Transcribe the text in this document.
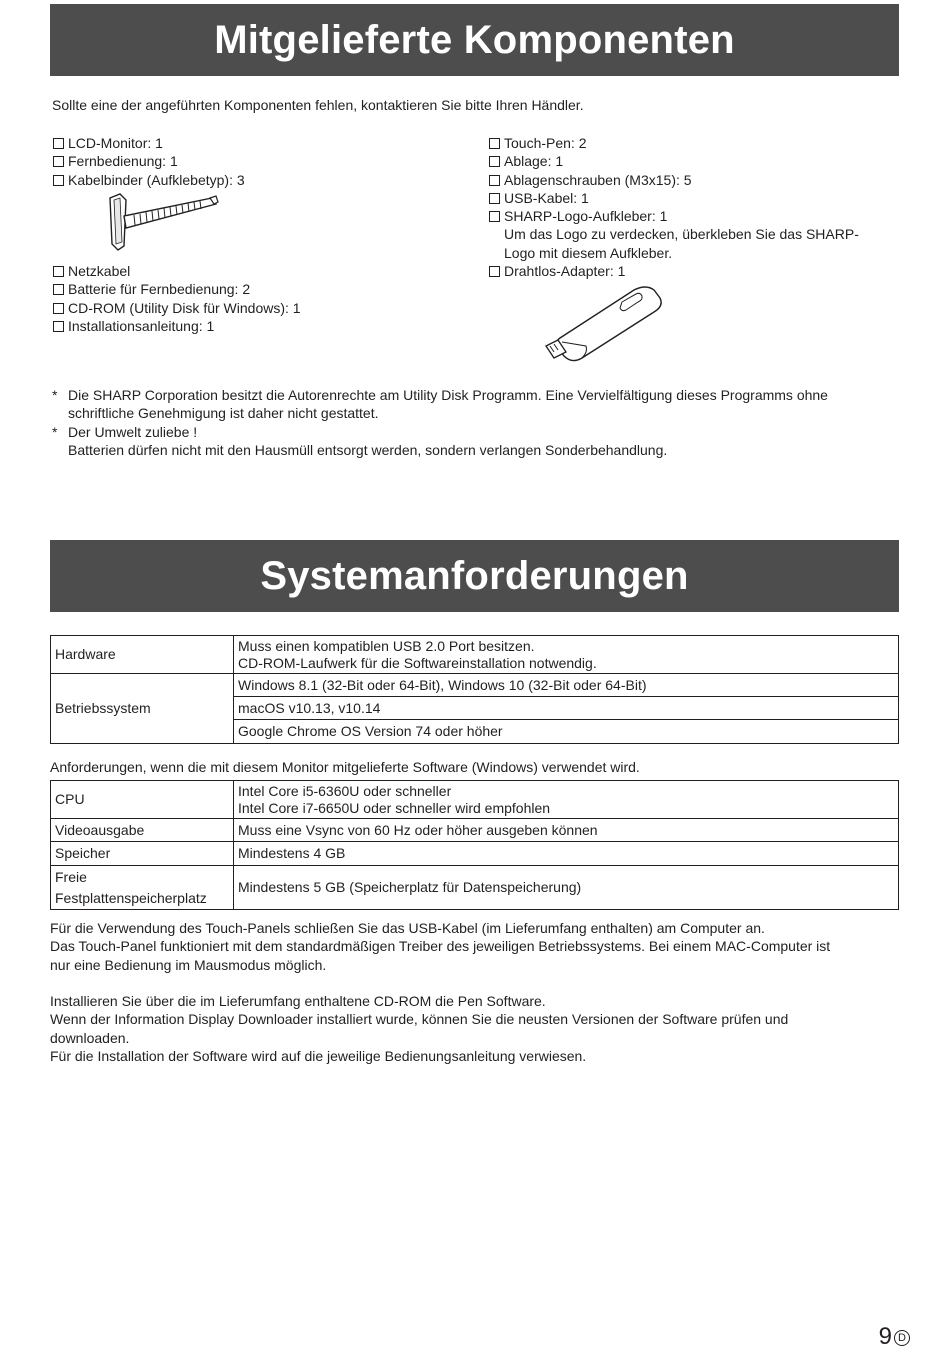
Mitgelieferte Komponenten
Sollte eine der angeführten Komponenten fehlen, kontaktieren Sie bitte Ihren Händler.
LCD-Monitor: 1
Fernbedienung: 1
Kabelbinder (Aufklebetyp): 3
Netzkabel
Batterie für Fernbedienung: 2
CD-ROM (Utility Disk für Windows): 1
Installationsanleitung: 1
Touch-Pen: 2
Ablage: 1
Ablagenschrauben (M3x15): 5
USB-Kabel: 1
SHARP-Logo-Aufkleber: 1
Um das Logo zu verdecken, überkleben Sie das SHARP-
Logo mit diesem Aufkleber.
Drahtlos-Adapter: 1
* Die SHARP Corporation besitzt die Autorenrechte am Utility Disk Programm. Eine Vervielfältigung dieses Programms ohne
schriftliche Genehmigung ist daher nicht gestattet.
* Der Umwelt zuliebe !
Batterien dürfen nicht mit den Hausmüll entsorgt werden, sondern verlangen Sonderbehandlung.
Systemanforderungen
Hardware	Muss einen kompatiblen USB 2.0 Port besitzen.
CD-ROM-Laufwerk für die Softwareinstallation notwendig.

Betriebssystem	Windows 8.1 (32-Bit oder 64-Bit), Windows 10 (32-Bit oder 64-Bit)
	macOS v10.13, v10.14
	Google Chrome OS Version 74 oder höher
Anforderungen, wenn die mit diesem Monitor mitgelieferte Software (Windows) verwendet wird.
CPU	Intel Core i5-6360U oder schneller
Intel Core i7-6650U oder schneller wird empfohlen

Videoausgabe	Muss eine Vsync von 60 Hz oder höher ausgeben können
Speicher	Mindestens 4 GB

Freie
Festplattenspeicherplatz	Mindestens 5 GB (Speicherplatz für Datenspeicherung)
Für die Verwendung des Touch-Panels schließen Sie das USB-Kabel (im Lieferumfang enthalten) am Computer an.
Das Touch-Panel funktioniert mit dem standardmäßigen Treiber des jeweiligen Betriebssystems. Bei einem MAC-Computer ist
nur eine Bedienung im Mausmodus möglich.
Installieren Sie über die im Lieferumfang enthaltene CD-ROM die Pen Software.
Wenn der Information Display Downloader installiert wurde, können Sie die neusten Versionen der Software prüfen und
downloaden.
Für die Installation der Software wird auf die jeweilige Bedienungsanleitung verwiesen.
9 D
